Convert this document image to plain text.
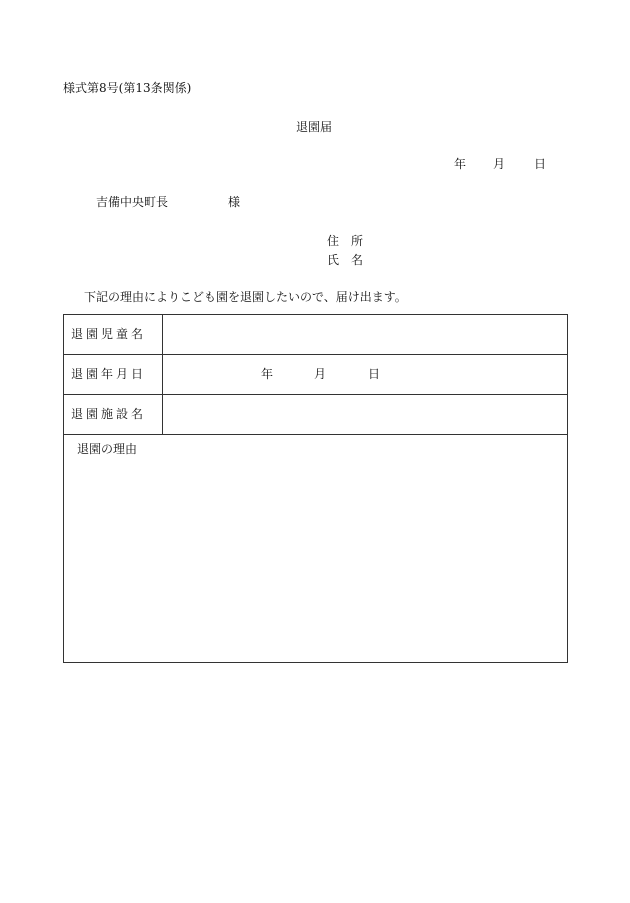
様式第8号(第13条関係)
退園届
年 月 日
吉備中央町長	様
住　所
氏　名
下記の理由によりこども園を退園したいので、届け出ます。
退園児童名
退園年月日	年	月	日
退園施設名
退園の理由
